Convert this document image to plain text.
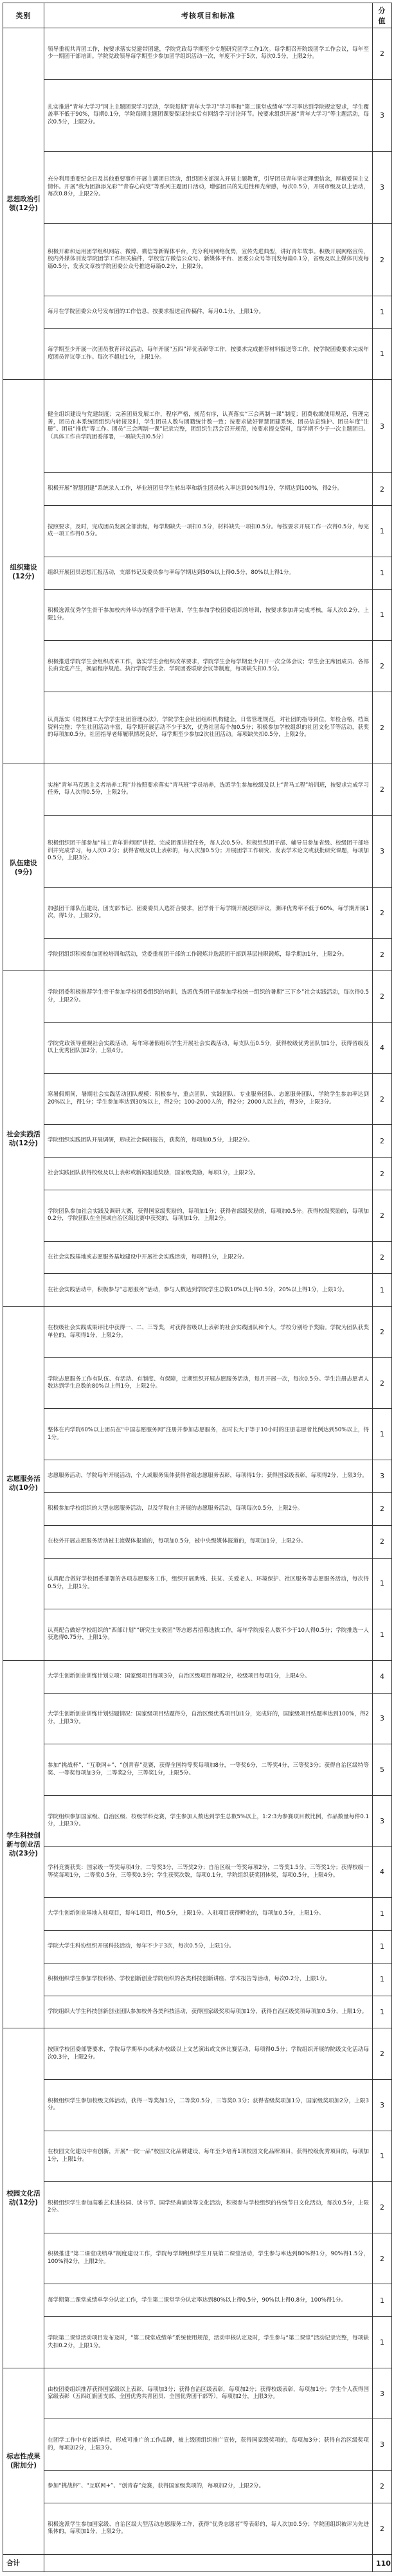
类别	考核项目和标准	分值
思想政治引领(12分)	领导重视共青团工作，按要求落实党建带团建，学院党政每学期至少专题研究团学工作1次。每学期召开院级团学工作会议，每年至少一期团干部培训。学院党政领导每学期至少参加团学组织活动一次，年度不少于5次，每次0.5分，上限2分。	2
	扎实推进“青年大学习”网上主题团课学习活动，学院每期“青年大学习”学习率和“第二课堂成绩单”学习率达到学院规定要求，学生覆盖率不低于90%，每期0.1分，学院每期主题团课要保证结束后有网络学习讨论环节。按要求组织开展“青年大学习”等主题活动，每次0.5分，上限2分。	3
	充分利用重要纪念日及其他重要事件开展主题团日活动，组织团支部深入开展主题教育，引导团员青年坚定理想信念，厚植爱国主义情怀。开展“我为团旗添光彩”“青春心向党”等系列主题团日活动，增强团员的先进性和光荣感，每次0.5分，开展市级及以上活动，每次0.8分，上限2分。	3
	积极开辟和运用团学组织网站、微博、微信等新媒体平台，充分利用网络优势，宣传先进典型，讲好青年故事。积极开展网络宣传，校内外媒体刊发学院团学工作相关稿件，学校官方微信公众号、新媒体平台、团委公众号等刊发每篇0.1分，省级及以上媒体刊发每篇0.5分，发表文章按学院团委公众号推送每篇0.2分，上限2分。	2
	每月在学院团委公众号发布团的工作信息，按要求报送宣传稿件，每月0.1分，上限1分。	1
	每学期至少开展一次团员教育评议活动，每年开展“五四”评优表彰等工作，按要求完成推荐材料报送等工作，按学院团委要求完成年度团员评议等工作。每次不超过1分，上限1分。	1
组织建设(12分)	健全组织建设与党建制度；完善团员发展工作，程序严格，规范有序，认真落实“三会两制一课”制度；团费收缴使用规范，管理完善，团员在本系统团组织内转接及时，学生团员人数与团籍统计数一致；按要求做好智慧团建系统、团员信息维护、团员年度“注册”、团员“推优”等工作。团员“三会两制一课”记录完整，团组织生活会召开规范，按要求提交资料，每学期不少于一次主题团日。（具体工作由学院团委部署，一项缺失扣0.5分）	3
	积极开展“智慧团建”系统录入工作，毕业班团员学生转出率和新生团员转入率达到90%得1分，学期达到100%，得2分。	2
	按照要求，及时，完成团员发展全部流程，每学期缺失一项扣0.5分，材料缺失一项扣0.5分。每按要求开展工作一次得0.5分，每完成一项工作得0.5分。	1
	组织开展团员思想汇报活动，支部书记及委员参与率每学期达到50%以上得0.5分，80%以上得1分。	1
	积极选派优秀学生骨干参加校内外举办的团学骨干培训，学生参加学校团委组织的培训，按要求参加并完成考核，每人次0.2分，上限1分。	1
	积极推进学院学生会组织改革工作，落实学生会组织改革要求，学院学生会每学期至少召开一次全体会议；学生会主席团成员、各部长由竞选产生，换届程序规范。执行学院学生会、学院团委联席会议等制度，每项缺失扣0.5分。	2
	认真落实《桂林理工大学学生社团管理办法》，学院学生会社团组织机构健全，日常管理规范，对社团的指导到位，年检合格，档案资料完整；学生社团活动丰富，每学期开展活动不少于3次，优秀社团每个加0.5分；积极参加学校组织的社团文化节等活动，获奖的每项加0.5分。社团指导老师履职情况良好，每学期至少参加2次社团活动。每项缺失扣0.5分，上限2分。	2
队伍建设(9分)	实施“青年马克思主义者培养工程”并按照要求落实“青马班”学员培养，选派学生参加校级及以上“青马工程”培训班，按要求完成学习任务，每人次得0.5分，上限2分。	2
	积极组织团干部参加“桂工青年讲师团”讲授、完成团课讲授任务，每人次0.5分。积极组织团干部、辅导员参加省级、校级团干部培训并完成学习，每人次0.2分；获得省级及以上表彰的，每人次加0.5分；开展团学工作研究、发表学术论文或获批研究课题，每项加0.5分，上限3分。	3
	加强团干部队伍建设，团支部书记、团委委员人选符合要求，团学骨干每学期开展述职评议，测评优秀率不低于60%，每学期开展1次，得1分，上限2分。	2
	学院团组织积极参加团校培训和活动，党委重视团干部的工作锻炼并选派团干部到基层挂职锻炼，每学期加1分，上限2分。	2
社会实践活动(12分)	学院团委积极推荐学生骨干参加学校团委组织的培训，选派优秀团干部参加学校统一组织的暑期“三下乡”社会实践活动，每次得0.5分，上限2分。	2
	学院党政领导重视社会实践活动，每年寒暑假组织学生开展社会实践活动，每支队伍0.5分，获得校级优秀团队加1分，获得省级及以上优秀团队加2分，上限4分。	4
	寒暑假期间，暑期社会实践活动团队规模：积极参与，重点团队、实践团队、专业服务团队、志愿服务团队，学院学生参加率达到20%以上，得1分；学生参加率达到30%以上，得2分；100-2000人的，得2分；2000人以上的，得3分，上限3分。	2
	学院组织实践团队开展调研，形成社会调研报告，获奖的，每项加0.5分，上限2分。	2
	社会实践团队获得校级及以上表彰或新闻报道奖励，国家级奖励，每项1分，上限2分。	2
	学院团队参加社会实践及调研大赛，获得国家级奖励的，每项加1分；获得省部级奖励的，每项加0.5分。获得校级奖励的，每项加0.2分，学院团队在全国或自治区级比赛中获奖的，每项加1分，上限2分。	2
	在社会实践基地或志愿服务基地建设中开展社会实践活动，每项得1分，上限2分。	2
	在社会实践活动中，积极参与“志愿服务”活动，参与人数达到学院学生总数10%以上得0.5分，20%以上得1分，上限1分。	1
志愿服务活动(10分)	在校级社会实践成果评比中获得一、二、三等奖，对获得省级以上表彰的社会实践团队和个人，学校分别给予奖励。学院为团队获奖单位的，每项得1分，上限2分。	2
	学院志愿服务工作有队伍、有活动、有制度、有保障，定期组织开展志愿服务活动，每月开展一次，每次0.5分。学生注册志愿者人数达到学生总数的80%以上得1分，上限2分。	2
	整体在内学院60%以上团员在“中国志愿服务网”注册并参加志愿服务，在时长大于等于10小时的注册志愿者比例达到50%以上，得1分。	1
	志愿服务活动，学院每年开展活动，个人或服务集体获得省级志愿服务表彰，每项得1分；获得国家级表彰，每项得2分，上限3分。	3
	积极参加学校组织的大型志愿服务活动，以及学院自主开展的志愿服务活动，每项每次0.5分，上限2分。	2
	在校外开展志愿服务活动被主流媒体报道的，每项加0.5分，被中央级媒体报道的，每项加1分，上限2分。	2
	认真配合做好学校团委部署的各项志愿服务工作，组织开展助残、扶贫、关爱老人、环境保护、社区服务等志愿服务活动，每次得0.5分，上限1分。	1
	认真配合做好学校组织的“西部计划”“研究生支教团”等志愿者招募选拔工作，每年学院报名人数不少于10人得0.5分；学院推选一人获选得0.75分，上限1分。	1
学生科技创新与创业活动(23分)	大学生创新创业训练计划立项：国家级项目每项3分，自治区级项目每项2分，校级项目每项1分，上限4分。	4
	大学生创新创业训练计划结题情况：国家级项目结题得分，自治区级优秀项目加1分，完成好的，国家级项目结题率达到100%，得2分，上限3分。	3
	参加“挑战杯”、“互联网+”、“创青春”竞赛，获得全国特等奖每项加8分，一等奖6分，二等奖4分，三等奖3分；获得自治区级特等奖、一等奖每项加3分，二等奖2分，三等奖1分，上限5分。	5
	学院组织参加国家级、自治区级、校级学科竞赛，学生参加人数达到学生总数5%以上，1:2:3为参赛项目数比例，作品数量每件0.1分，上限3分。	3
	学科竞赛获奖：国家级一等奖每项4分，二等奖3分，三等奖2分；自治区级一等奖每项2分，二等奖1.5分，三等奖1分；获得校级一等奖每项1分，二等奖0.5分，三等奖0.3分；学生获奖次数，每项0.1分，学院组织获奖团体奖，每项0.5分，上限4分。	4
	大学生创新创业基地入驻项目，每年1项目，得0.5分，上限1分。入驻项目获得孵化的，每项加0.5分，上限1分。	1
	学院大学生科协组织开展科技活动，每年不少于3次，每次0.5分，上限1分。	1
	积极组织学生参加学校科协、学校创新创业学院组织的各类科技创新讲座、学术报告等活动，每次0.2分，上限1分。	1
	学院组织大学生科技创新创业团队参加校外各类科技活动，获得国家级奖项每项加1分，获得自治区级奖项每项加0.5分，上限1分。	1
校园文化活动(12分)	按照学校团委部署要求，学院每学期举办或承办校级以上文艺演出或文体比赛活动，每项得0.5分；学院组织开展的院级文化活动每次0.3分，上限2分。	2
	积极组织学生参加校级文体活动，获得一等奖加1分，二等奖0.5分，三等奖0.3分；获得省级奖项加1分，国家级奖项加2分，上限3分。	3
	在校园文化建设中有创新，开展“一院一品”校园文化品牌建设，每年至少培育1项校园文化品牌项目，获得校级优秀项目的，每项加1分，上限1分。	1
	积极组织学生参加高雅艺术进校园、读书节、国学经典诵读等文化活动，积极参与学校组织的传统节日文化活动，每次0.5分，上限2分。	2
	积极推进“第二课堂成绩单”制度建设工作，学院每学期组织学生开展第二课堂活动，学生参与率达到80%得1分，90%得1.5分，100%得2分，上限2分。	2
	每学期第二课堂成绩单学分认定工作，学生第二课堂学分认定率达到80%以上得0.5分，90%以上得0.8分，100%得1分。	1
	学院第二课堂活动项目发布及时，“第二课堂成绩单”系统使用规范，活动审核认定及时，学生参与“第二课堂”活动记录完整，每项缺失扣0.2分，上限1分。	1
标志性成果(附加分)	由校团委组织推荐获得国家级以上表彰，每项加3分；获得自治区级表彰，每项加2分；获得校级表彰，每项加1分；学生个人获得国家级表彰（五四红旗团支部、全国优秀共青团员、全国优秀团干部等），每项加2分，上限3分。	3
	在团学工作中有创新举措，形成可推广的工作品牌，被上级团组织推广宣传，获得国家级奖项的，每项加3分；获得自治区级奖项的，每项加2分，上限3分。	3
	参加“挑战杯”、“互联网+”、“创青春”竞赛，获得国家级奖项的，每项加2分，上限2分。	2
	积极选派学生参加国家级、自治区级大型活动志愿服务工作，获得“优秀志愿者”等表彰的，每人次加0.5分；学院团组织被评为先进集体的，每项加1分，上限2分。	2
合计		110
